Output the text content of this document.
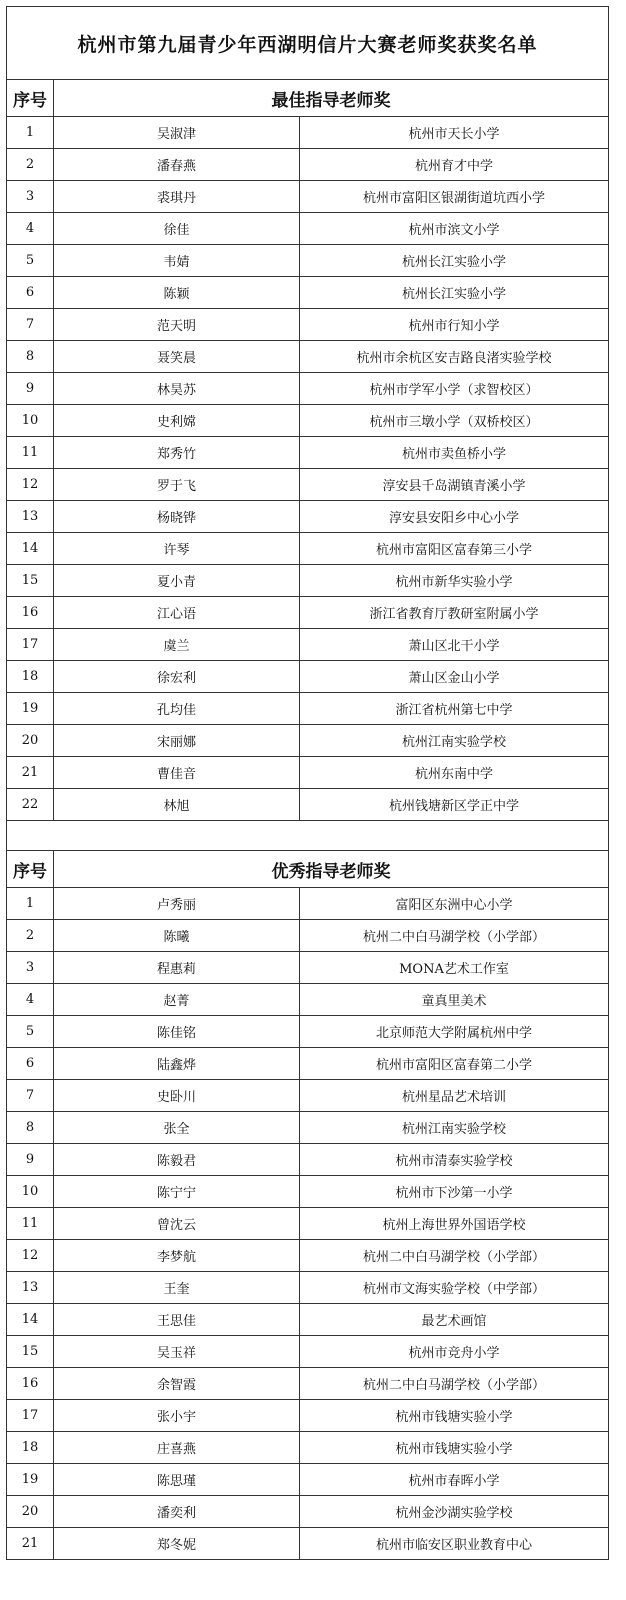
杭州市第九届青少年西湖明信片大赛老师奖获奖名单		
序号	最佳指导老师奖	
1	吴淑津	杭州市天长小学
2	潘春燕	杭州育才中学
3	裘琪丹	杭州市富阳区银湖街道坑西小学
4	徐佳	杭州市滨文小学
5	韦婧	杭州长江实验小学
6	陈颖	杭州长江实验小学
7	范天明	杭州市行知小学
8	聂笑晨	杭州市余杭区安吉路良渚实验学校
9	林昊苏	杭州市学军小学（求智校区）
10	史利嫦	杭州市三墩小学（双桥校区）
11	郑秀竹	杭州市卖鱼桥小学
12	罗于飞	淳安县千岛湖镇青溪小学
13	杨晓铧	淳安县安阳乡中心小学
14	许琴	杭州市富阳区富春第三小学
15	夏小青	杭州市新华实验小学
16	江心语	浙江省教育厅教研室附属小学
17	虞兰	萧山区北干小学
18	徐宏利	萧山区金山小学
19	孔均佳	浙江省杭州第七中学
20	宋丽娜	杭州江南实验学校
21	曹佳音	杭州东南中学
22	林旭	杭州钱塘新区学正中学

序号	优秀指导老师奖	
1	卢秀丽	富阳区东洲中心小学
2	陈曦	杭州二中白马湖学校（小学部）
3	程惠莉	MONA艺术工作室
4	赵菁	童真里美术
5	陈佳铭	北京师范大学附属杭州中学
6	陆鑫烨	杭州市富阳区富春第二小学
7	史卧川	杭州星品艺术培训
8	张全	杭州江南实验学校
9	陈毅君	杭州市清泰实验学校
10	陈宁宁	杭州市下沙第一小学
11	曾沈云	杭州上海世界外国语学校
12	李梦航	杭州二中白马湖学校（小学部）
13	王奎	杭州市文海实验学校（中学部）
14	王思佳	最艺术画馆
15	吴玉祥	杭州市竞舟小学
16	余智霞	杭州二中白马湖学校（小学部）
17	张小宇	杭州市钱塘实验小学
18	庄喜燕	杭州市钱塘实验小学
19	陈思瑾	杭州市春晖小学
20	潘奕利	杭州金沙湖实验学校
21	郑冬妮	杭州市临安区职业教育中心
